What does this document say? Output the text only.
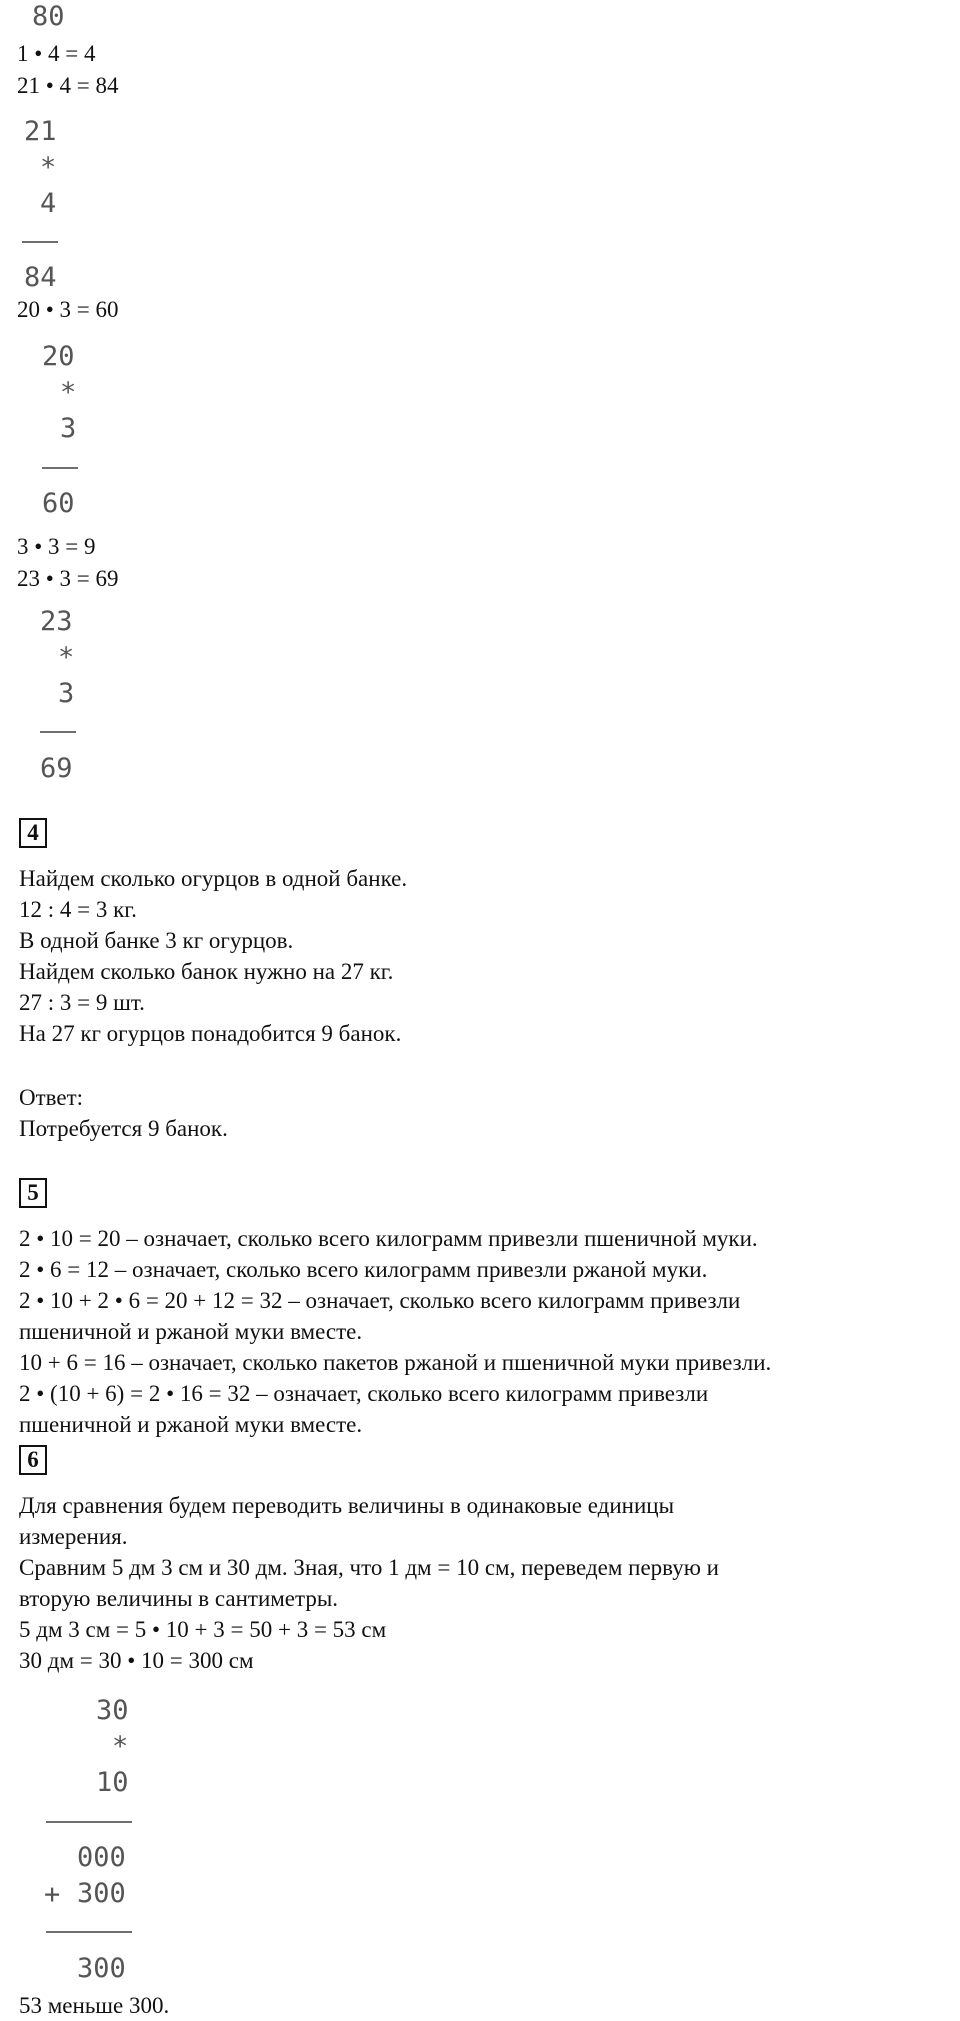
80
1 • 4 = 4
21 • 4 = 84
21
*
4
84
20 • 3 = 60
20
*
3
60
3 • 3 = 9
23 • 3 = 69
23
*
3
69
4
Найдем сколько огурцов в одной банке.
12 : 4 = 3 кг.
В одной банке 3 кг огурцов.
Найдем сколько банок нужно на 27 кг.
27 : 3 = 9 шт.
На 27 кг огурцов понадобится 9 банок.
Ответ:
Потребуется 9 банок.
5
2 • 10 = 20 – означает, сколько всего килограмм привезли пшеничной муки.
2 • 6 = 12 – означает, сколько всего килограмм привезли ржаной муки.
2 • 10 + 2 • 6 = 20 + 12 = 32 – означает, сколько всего килограмм привезли
пшеничной и ржаной муки вместе.
10 + 6 = 16 – означает, сколько пакетов ржаной и пшеничной муки привезли.
2 • (10 + 6) = 2 • 16 = 32 – означает, сколько всего килограмм привезли
пшеничной и ржаной муки вместе.
6
Для сравнения будем переводить величины в одинаковые единицы
измерения.
Сравним 5 дм 3 см и 30 дм. Зная, что 1 дм = 10 см, переведем первую и
вторую величины в сантиметры.
5 дм 3 см = 5 • 10 + 3 = 50 + 3 = 53 см
30 дм = 30 • 10 = 300 см
30
*
10
+
000
300
300
53 меньше 300.
